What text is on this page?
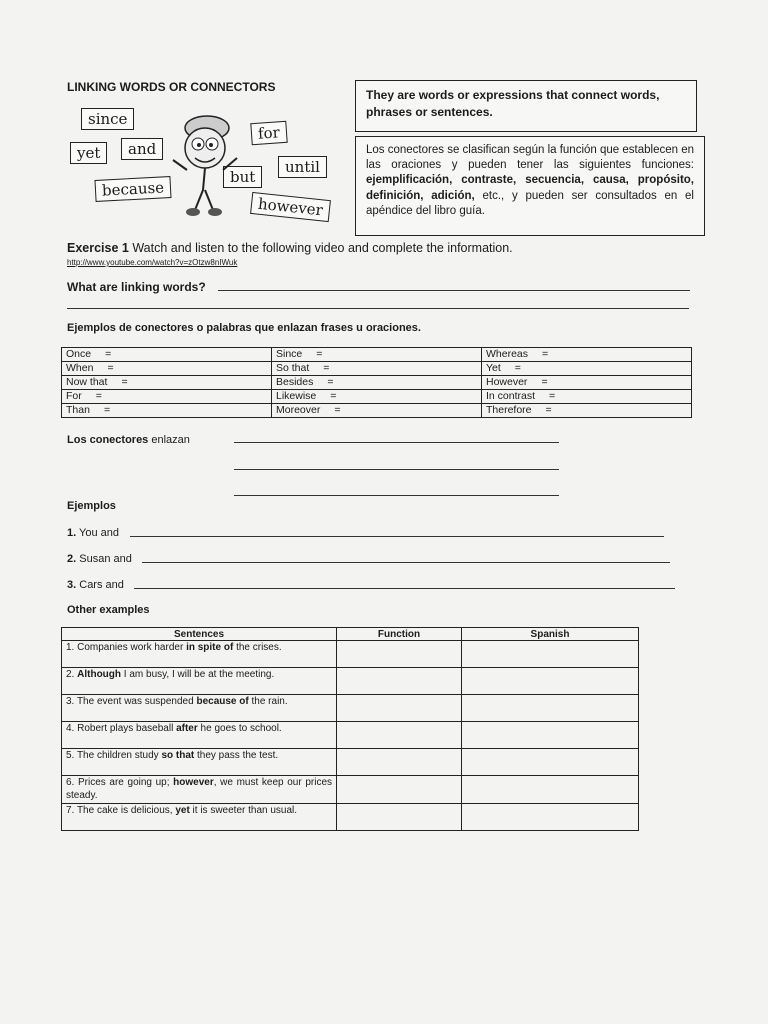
LINKING WORDS OR CONNECTORS
since
for
yet	and
until
but
because
however
They are words or expressions that connect words, phrases or sentences.
Los conectores se clasifican según la función que establecen en las oraciones y pueden tener las siguientes funciones: ejemplificación, contraste, secuencia, causa, propósito, definición, adición, etc., y pueden ser consultados en el apéndice del libro guía.
Exercise 1 Watch and listen to the following video and complete the information.
http://www.youtube.com/watch?v=zOtzw8nIWuk
What are linking words?
Ejemplos de conectores o palabras que enlazan frases u oraciones.
Once =	Since =	Whereas =
When =	So that =	Yet =
Now that =	Besides =	However =
For =	Likewise =	In contrast =
Than =	Moreover =	Therefore =
Los conectores enlazan
Ejemplos
1. You and
2. Susan and
3. Cars and
Other examples
Sentences	Function	Spanish
1. Companies work harder in spite of the crises.		
2. Although I am busy, I will be at the meeting.		
3. The event was suspended because of the rain.		
4. Robert plays baseball after he goes to school.		
5. The children study so that they pass the test.		
6. Prices are going up; however, we must keep our prices steady.		
7. The cake is delicious, yet it is sweeter than usual.		
